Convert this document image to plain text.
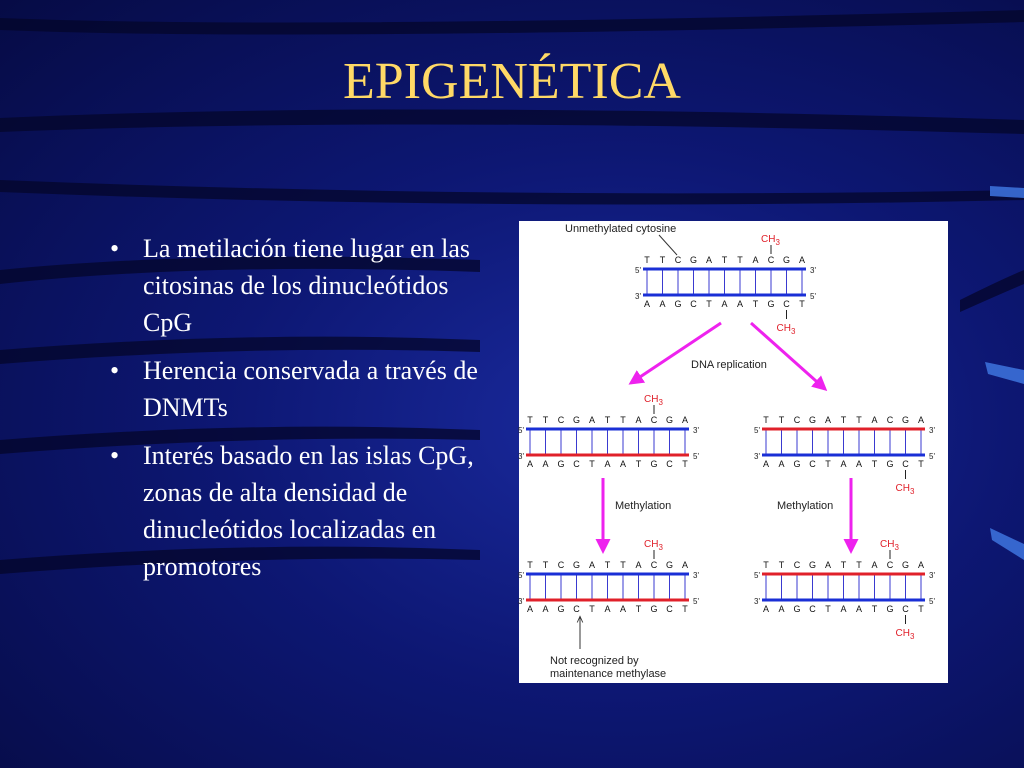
EPIGENÉTICA
• La metilación tiene lugar en las citosinas de los dinucleótidos CpG
• Herencia conservada a través de DNMTs
• Interés basado en las islas CpG, zonas de alta densidad de dinucleótidos localizadas en promotores
Unmethylated cytosine
DNA replication
Methylation	Methylation
Not recognized by
maintenance methylase
5'	3'
3'	5'
T
A
T
A
C
G
G
C
A
T
T
A
T
A
A
T
C
G
G
C
A
T
$CH_3$
$CH_3$
5'	3'
3'	5'
T
A
T
A
C
G
G
C
A
T
T
A
T
A
A
T
C
G
G
C
A
T
$CH_3$
5'	3'
3'	5'
T
A
T
A
C
G
G
C
A
T
T
A
T
A
A
T
C
G
G
C
A
T
$CH_3$
5'	3'
3'	5'
T
A
T
A
C
G
G
C
A
T
T
A
T
A
A
T
C
G
G
C
A
T
$CH_3$
5'	3'
3'	5'
T
A
T
A
C
G
G
C
A
T
T
A
T
A
A
T
C
G
G
C
A
T
$CH_3$
$CH_3$
